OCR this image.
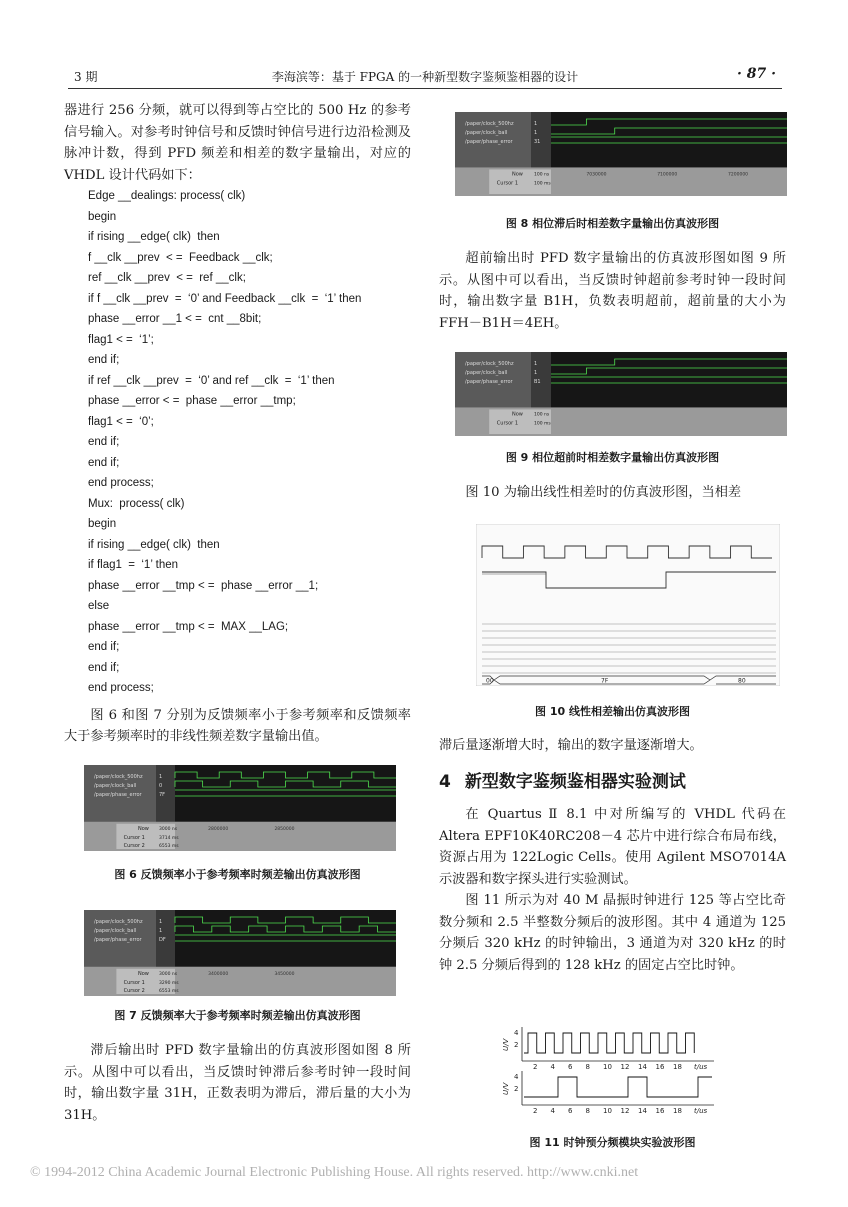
3 期	李海滨等：基于 FPGA 的一种新型数字鉴频鉴相器的设计	· 87 ·

器进行 256 分频，就可以得到等占空比的 500 Hz 的参考信号输入。对参考时钟信号和反馈时钟信号进行边沿检测及脉冲计数，得到 PFD 频差和相差的数字量输出，对应的 VHDL 设计代码如下：

Edge __dealings: process( clk)
begin
if rising __edge( clk)  then
f __clk __prev  < =  Feedback __clk;
ref __clk __prev  < =  ref __clk;
if f __clk __prev  =  ‘0’ and Feedback __clk  =  ‘1’ then
phase __error __1 < =  cnt __8bit;
flag1 < =  ‘1’;
end if;
if ref __clk __prev  =  ‘0’ and ref __clk  =  ‘1’ then
phase __error < =  phase __error __tmp;
flag1 < =  ‘0’;
end if;
end if;
end process;
Mux:  process( clk)
begin
if rising __edge( clk)  then
if flag1  =  ‘1’ then
phase __error __tmp < =  phase __error __1;
else
phase __error __tmp < =  MAX __LAG;
end if;
end if;
end process;

图 6 和图 7 分别为反馈频率小于参考频率和反馈频率大于参考频率时的非线性频差数字量输出值。

/paper/clock_500hz	1
/paper/clock_ball	0
/paper/phase_error	7F
Now 3000 ns
Cursor 1	3714 ms
Cursor 2	6553 ms
2800000	2850000
图 6 反馈频率小于参考频率时频差输出仿真波形图
/paper/clock_500hz	1
/paper/clock_ball	1
/paper/phase_error	DF
Now 3000 ns
Cursor 1	3290 ms
Cursor 2	6553 ms
3400000	3450000
图 7 反馈频率大于参考频率时频差输出仿真波形图

滞后输出时 PFD 数字量输出的仿真波形图如图 8 所示。从图中可以看出，当反馈时钟滞后参考时钟一段时间时，输出数字量 31H，正数表明为滞后，滞后量的大小为 31H。

/paper/clock_500hz	1
/paper/clock_ball	1
/paper/phase_error	31
Now 100 ns
Cursor 1	100 ms
7030000	7100000	7200000
图 8 相位滞后时相差数字量输出仿真波形图

超前输出时 PFD 数字量输出的仿真波形图如图 9 所示。从图中可以看出，当反馈时钟超前参考时钟一段时间时，输出数字量 B1H，负数表明超前，超前量的大小为 FFH－B1H＝4EH。

/paper/clock_500hz	1
/paper/clock_ball	1
/paper/phase_error	B1
Now 100 ns
Cursor 1	100 ms
图 9 相位超前时相差数字量输出仿真波形图

图 10 为输出线性相差时的仿真波形图，当相差

00	7F	80
图 10 线性相差输出仿真波形图

滞后量逐渐增大时，输出的数字量逐渐增大。

4 新型数字鉴频鉴相器实验测试

在 Quartus Ⅱ 8.1 中对所编写的 VHDL 代码在 Altera EPF10K40RC208－4 芯片中进行综合布局布线，资源占用为 122Logic Cells。使用 Agilent MSO7014A 示波器和数字探头进行实验测试。

图 11 所示为对 40 M 晶振时钟进行 125 等占空比奇数分频和 2.5 半整数分频后的波形图。其中 4 通道为 125 分频后 320 kHz 的时钟输出，3 通道为对 320 kHz 的时钟 2.5 分频后得到的 128 kHz 的固定占空比时钟。

U/V
4
2
2 4 6 8 10 12 14 16 18 t/us
U/V
4
2
2 4 6 8 10 12 14 16 18 t/us
图 11 时钟预分频模块实验波形图
© 1994-2012 China Academic Journal Electronic Publishing House. All rights reserved. http://www.cnki.net
